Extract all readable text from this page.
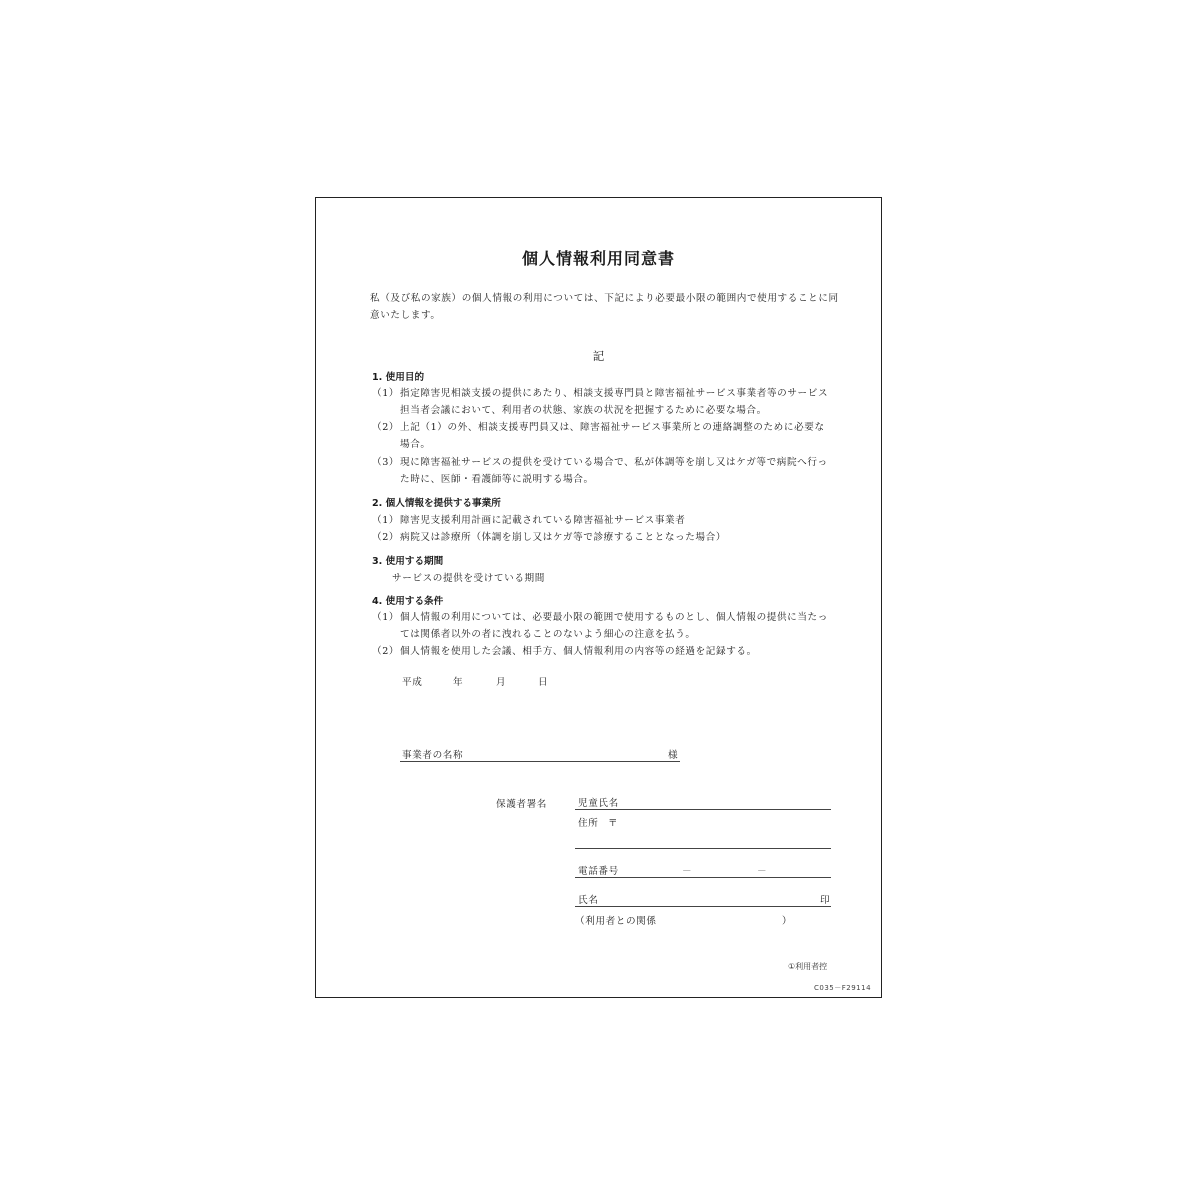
個人情報利用同意書
私（及び私の家族）の個人情報の利用については、下記により必要最小限の範囲内で使用することに同意いたします。
記
1. 使用目的
（1） 指定障害児相談支援の提供にあたり、相談支援専門員と障害福祉サービス事業者等のサービス担当者会議において、利用者の状態、家族の状況を把握するために必要な場合。
（2） 上記（1）の外、相談支援専門員又は、障害福祉サービス事業所との連絡調整のために必要な場合。
（3） 現に障害福祉サービスの提供を受けている場合で、私が体調等を崩し又はケガ等で病院へ行った時に、医師・看護師等に説明する場合。
2. 個人情報を提供する事業所
（1） 障害児支援利用計画に記載されている障害福祉サービス事業者
（2） 病院又は診療所（体調を崩し又はケガ等で診療することとなった場合）
3. 使用する期間
サービスの提供を受けている期間
4. 使用する条件
（1） 個人情報の利用については、必要最小限の範囲で使用するものとし、個人情報の提供に当たっては関係者以外の者に洩れることのないよう細心の注意を払う。
（2） 個人情報を使用した会議、相手方、個人情報利用の内容等の経過を記録する。
平成	年	月	日
事業者の名称	様
保護者署名	児童氏名
住所 〒
電話番号	－	－
氏名	印
（利用者との関係	）
①利用者控
C035－F29114
